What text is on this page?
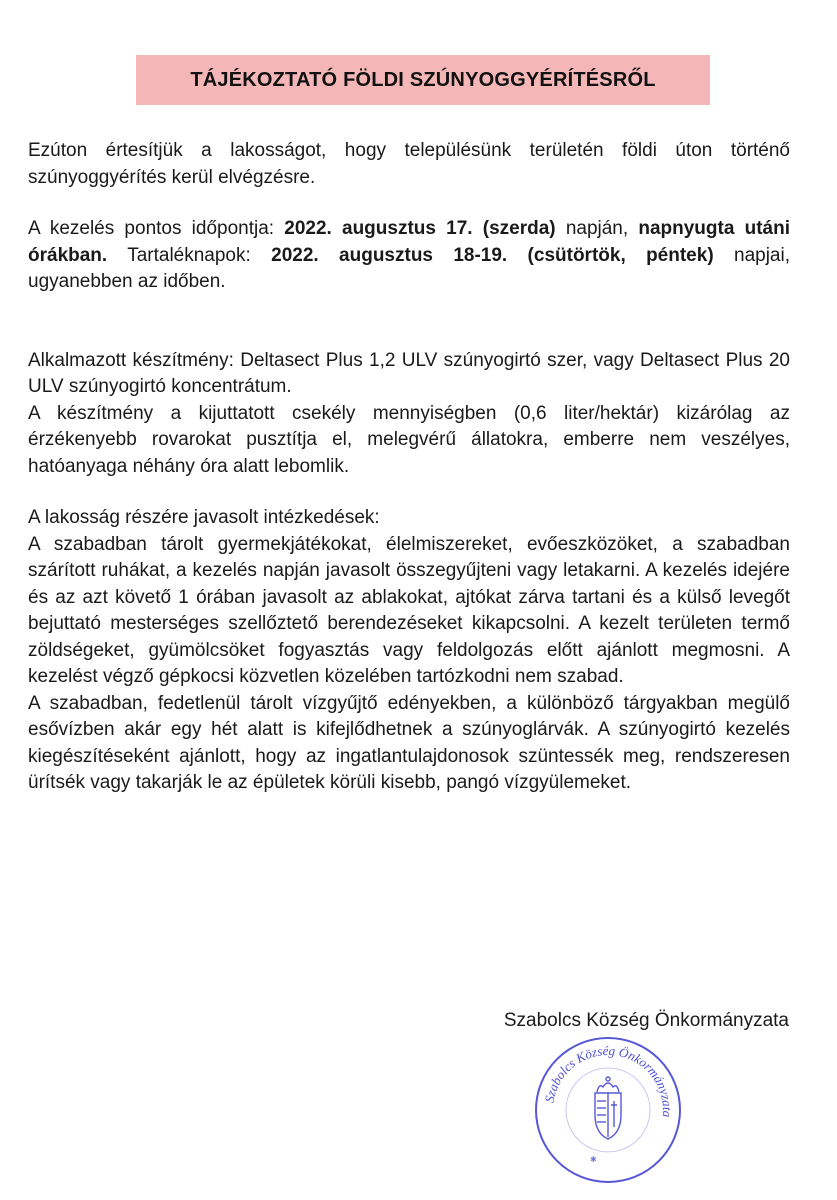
TÁJÉKOZTATÓ FÖLDI SZÚNYOGGYÉRÍTÉSRŐL

Ezúton értesítjük a lakosságot, hogy településünk területén földi úton történő szúnyoggyérítés kerül elvégzésre.

A kezelés pontos időpontja: 2022. augusztus 17. (szerda) napján, napnyugta utáni órákban. Tartaléknapok: 2022. augusztus 18-19. (csütörtök, péntek) napjai, ugyanebben az időben.

Alkalmazott készítmény: Deltasect Plus 1,2 ULV szúnyogirtó szer, vagy Deltasect Plus 20 ULV szúnyogirtó koncentrátum.

A készítmény a kijuttatott csekély mennyiségben (0,6 liter/hektár) kizárólag az érzékenyebb rovarokat pusztítja el, melegvérű állatokra, emberre nem veszélyes, hatóanyaga néhány óra alatt lebomlik.

A lakosság részére javasolt intézkedések:

A szabadban tárolt gyermekjátékokat, élelmiszereket, evőeszközöket, a szabadban szárított ruhákat, a kezelés napján javasolt összegyűjteni vagy letakarni. A kezelés idejére és az azt követő 1 órában javasolt az ablakokat, ajtókat zárva tartani és a külső levegőt bejuttató mesterséges szellőztető berendezéseket kikapcsolni. A kezelt területen termő zöldségeket, gyümölcsöket fogyasztás vagy feldolgozás előtt ajánlott megmosni. A kezelést végző gépkocsi közvetlen közelében tartózkodni nem szabad.

A szabadban, fedetlenül tárolt vízgyűjtő edényekben, a különböző tárgyakban megülő esővízben akár egy hét alatt is kifejlődhetnek a szúnyoglárvák. A szúnyogirtó kezelés kiegészítéseként ajánlott, hogy az ingatlantulajdonosok szüntessék meg, rendszeresen ürítsék vagy takarják le az épületek körüli kisebb, pangó vízgyülemeket.

Szabolcs Község Önkormányzata
Szabolcs Község Önkormányzata
✱
